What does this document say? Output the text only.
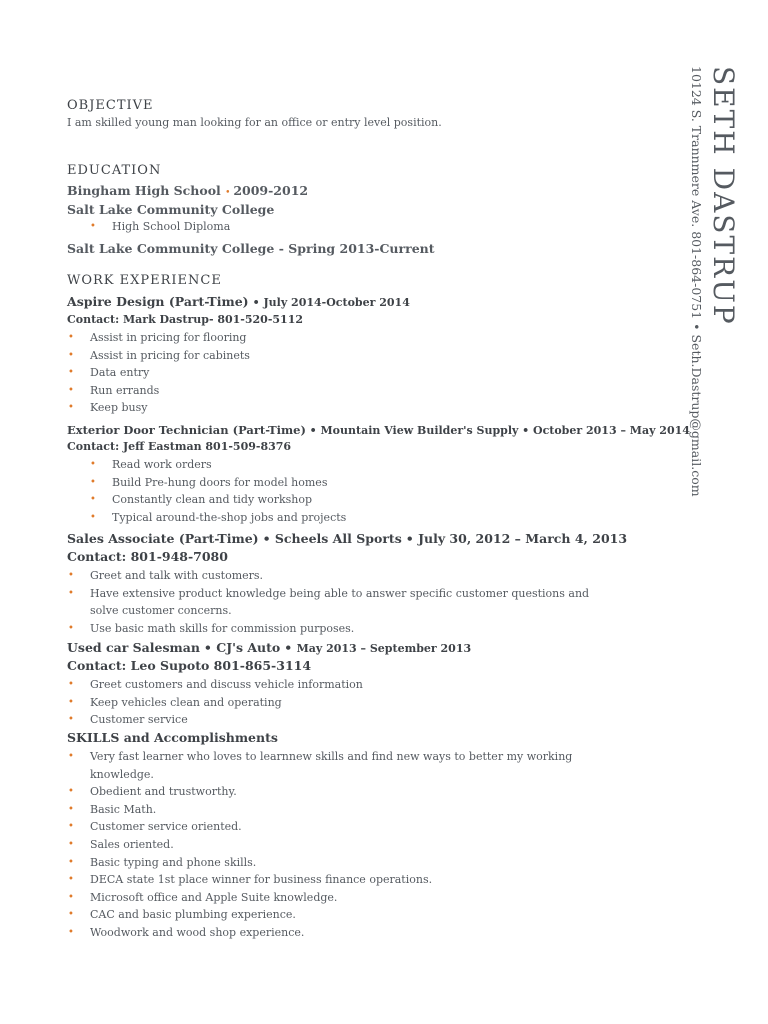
SETH DASTRUP
10124 S. Trannmere Ave. 801-864-0751 • Seth.Dastrup@gmail.com
OBJECTIVE
I am skilled young man looking for an office or entry level position.
EDUCATION
Bingham High School • 2009-2012
Salt Lake Community College
• High School Diploma
Salt Lake Community College - Spring 2013-Current
WORK EXPERIENCE
Aspire Design (Part-Time) • July 2014-October 2014
Contact: Mark Dastrup- 801-520-5112
• Assist in pricing for flooring
• Assist in pricing for cabinets
• Data entry
• Run errands
• Keep busy
Exterior Door Technician (Part-Time) • Mountain View Builder's Supply • October 2013 – May 2014
Contact: Jeff Eastman 801-509-8376
• Read work orders
• Build Pre-hung doors for model homes
• Constantly clean and tidy workshop
• Typical around-the-shop jobs and projects
Sales Associate (Part-Time) • Scheels All Sports • July 30, 2012 – March 4, 2013
Contact: 801-948-7080
• Greet and talk with customers.
• Have extensive product knowledge being able to answer specific customer questions and solve customer concerns.
• Use basic math skills for commission purposes.
Used car Salesman • CJ's Auto • May 2013 – September 2013
Contact: Leo Supoto 801-865-3114
• Greet customers and discuss vehicle information
• Keep vehicles clean and operating
• Customer service
SKILLS and Accomplishments
• Very fast learner who loves to learnnew skills and find new ways to better my working knowledge.
• Obedient and trustworthy.
• Basic Math.
• Customer service oriented.
• Sales oriented.
• Basic typing and phone skills.
• DECA state 1st place winner for business finance operations.
• Microsoft office and Apple Suite knowledge.
• CAC and basic plumbing experience.
• Woodwork and wood shop experience.
